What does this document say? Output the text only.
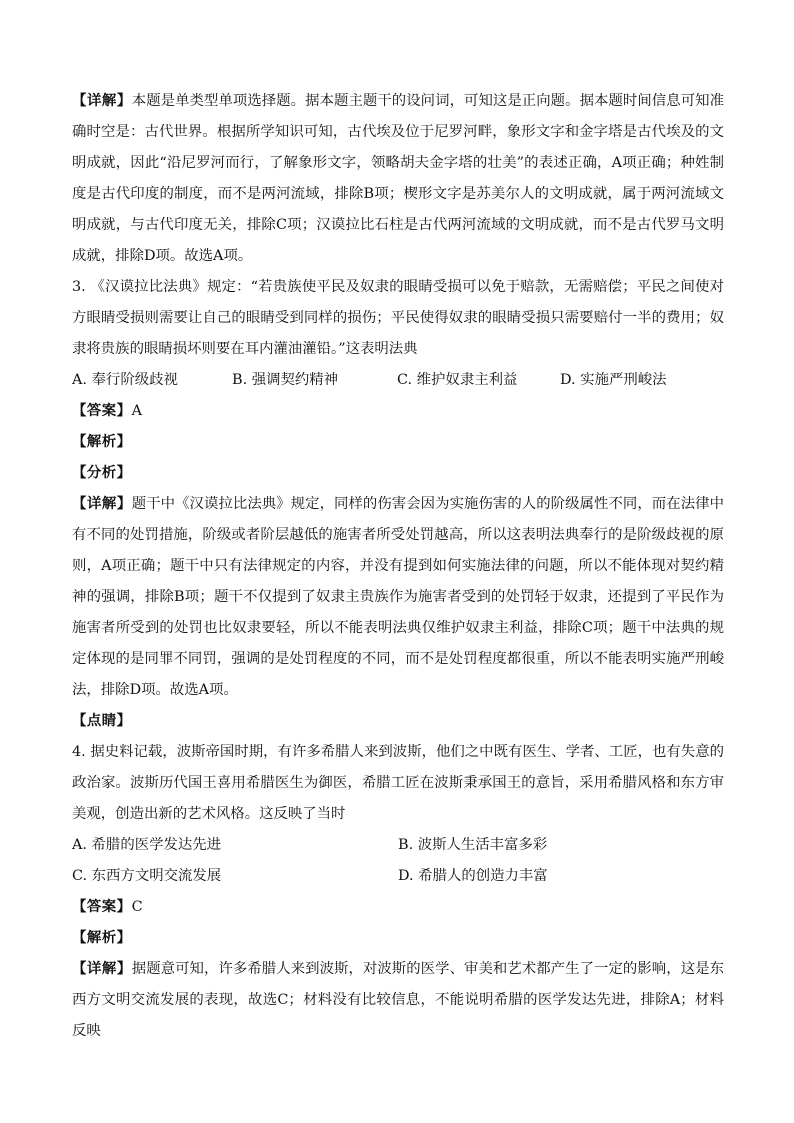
【详解】本题是单类型单项选择题。据本题主题干的设问词，可知这是正向题。据本题时间信息可知准确时空是：古代世界。根据所学知识可知，古代埃及位于尼罗河畔，象形文字和金字塔是古代埃及的文明成就，因此“沿尼罗河而行，了解象形文字，领略胡夫金字塔的壮美”的表述正确，A项正确；种姓制度是古代印度的制度，而不是两河流域，排除B项；楔形文字是苏美尔人的文明成就，属于两河流域文明成就，与古代印度无关，排除C项；汉谟拉比石柱是古代两河流域的文明成就，而不是古代罗马文明成就，排除D项。故选A项。
3. 《汉谟拉比法典》规定：“若贵族使平民及奴隶的眼睛受损可以免于赔款，无需赔偿；平民之间使对方眼睛受损则需要让自己的眼睛受到同样的损伤；平民使得奴隶的眼睛受损只需要赔付一半的费用；奴隶将贵族的眼睛损坏则要在耳内灌油灌铅。”这表明法典
A. 奉行阶级歧视	B. 强调契约精神	C. 维护奴隶主利益	D. 实施严刑峻法
【答案】A
【解析】
【分析】
【详解】题干中《汉谟拉比法典》规定，同样的伤害会因为实施伤害的人的阶级属性不同，而在法律中有不同的处罚措施，阶级或者阶层越低的施害者所受处罚越高，所以这表明法典奉行的是阶级歧视的原则，A项正确；题干中只有法律规定的内容，并没有提到如何实施法律的问题，所以不能体现对契约精神的强调，排除B项；题干不仅提到了奴隶主贵族作为施害者受到的处罚轻于奴隶，还提到了平民作为施害者所受到的处罚也比奴隶要轻，所以不能表明法典仅维护奴隶主利益，排除C项；题干中法典的规定体现的是同罪不同罚，强调的是处罚程度的不同，而不是处罚程度都很重，所以不能表明实施严刑峻法，排除D项。故选A项。
【点睛】
4. 据史料记载，波斯帝国时期，有许多希腊人来到波斯，他们之中既有医生、学者、工匠，也有失意的政治家。波斯历代国王喜用希腊医生为御医，希腊工匠在波斯秉承国王的意旨，采用希腊风格和东方审美观，创造出新的艺术风格。这反映了当时
A. 希腊的医学发达先进	B. 波斯人生活丰富多彩
C. 东西方文明交流发展	D. 希腊人的创造力丰富
【答案】C
【解析】
【详解】据题意可知，许多希腊人来到波斯，对波斯的医学、审美和艺术都产生了一定的影响，这是东西方文明交流发展的表现，故选C；材料没有比较信息，不能说明希腊的医学发达先进，排除A；材料反映
